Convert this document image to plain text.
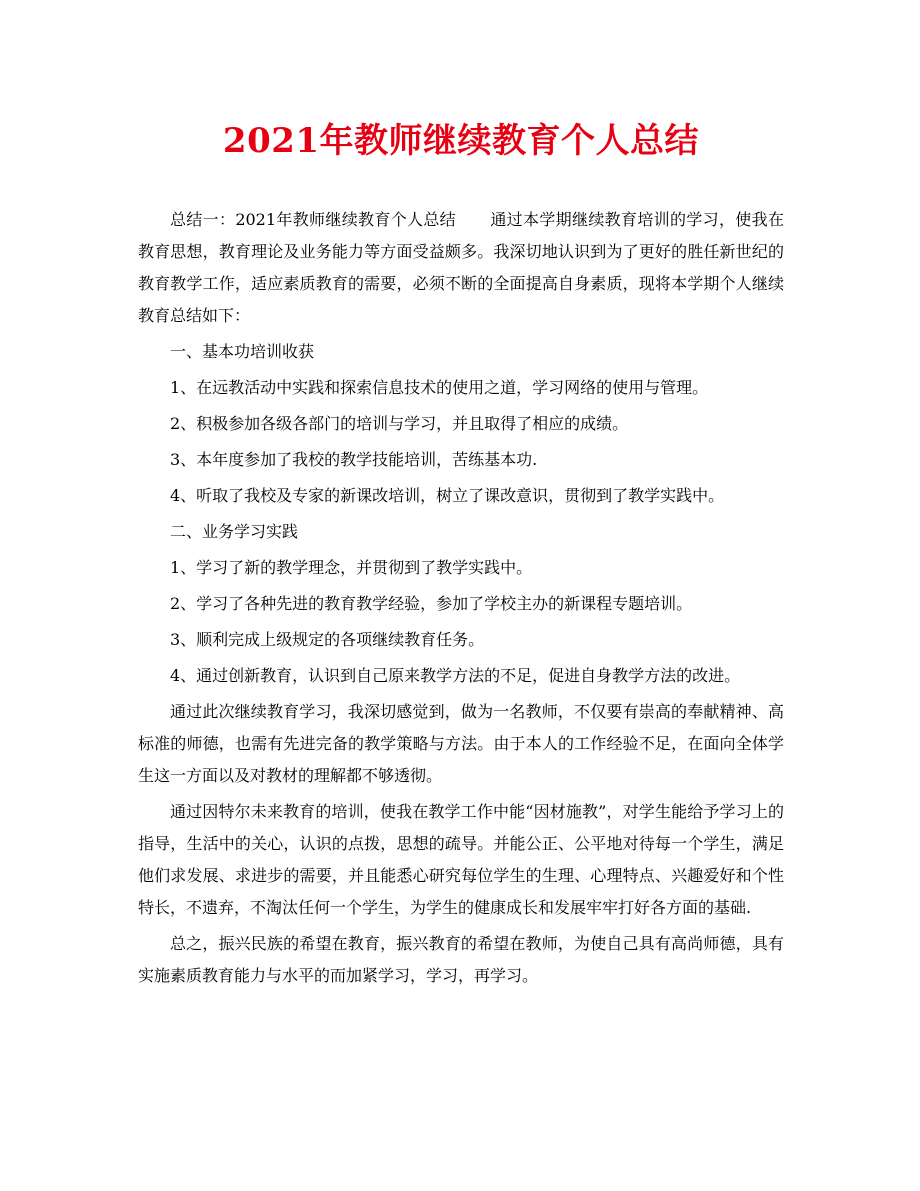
2021年教师继续教育个人总结

总结一：2021年教师继续教育个人总结 通过本学期继续教育培训的学习，使我在教育思想，教育理论及业务能力等方面受益颇多。我深切地认识到为了更好的胜任新世纪的教育教学工作，适应素质教育的需要，必须不断的全面提高自身素质，现将本学期个人继续教育总结如下：

一、基本功培训收获

1、在远教活动中实践和探索信息技术的使用之道，学习网络的使用与管理。

2、积极参加各级各部门的培训与学习，并且取得了相应的成绩。

3、本年度参加了我校的教学技能培训，苦练基本功.

4、听取了我校及专家的新课改培训，树立了课改意识，贯彻到了教学实践中。

二、业务学习实践

1、学习了新的教学理念，并贯彻到了教学实践中。

2、学习了各种先进的教育教学经验，参加了学校主办的新课程专题培训。

3、顺利完成上级规定的各项继续教育任务。

4、通过创新教育，认识到自己原来教学方法的不足，促进自身教学方法的改进。

通过此次继续教育学习，我深切感觉到，做为一名教师，不仅要有崇高的奉献精神、高标准的师德，也需有先进完备的教学策略与方法。由于本人的工作经验不足，在面向全体学生这一方面以及对教材的理解都不够透彻。

通过因特尔未来教育的培训，使我在教学工作中能“因材施教”，对学生能给予学习上的指导，生活中的关心，认识的点拨，思想的疏导。并能公正、公平地对待每一个学生，满足他们求发展、求进步的需要，并且能悉心研究每位学生的生理、心理特点、兴趣爱好和个性特长，不遗弃，不淘汰任何一个学生，为学生的健康成长和发展牢牢打好各方面的基础.

总之，振兴民族的希望在教育，振兴教育的希望在教师，为使自己具有高尚师德，具有实施素质教育能力与水平的而加紧学习，学习，再学习。
